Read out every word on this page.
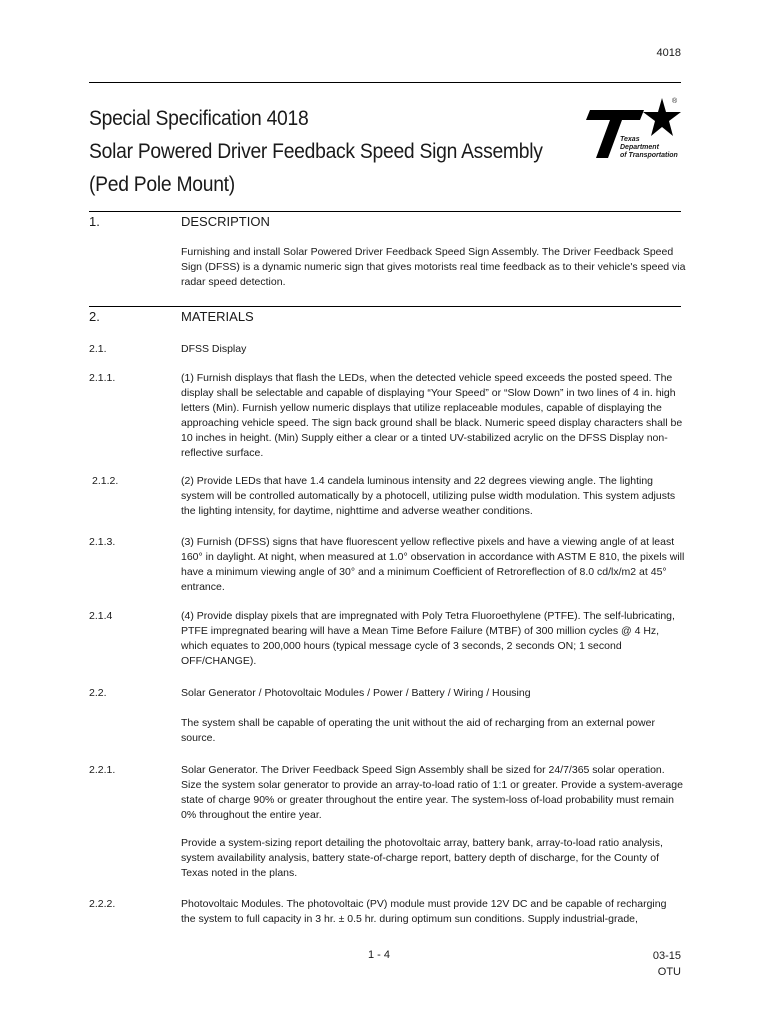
4018
Special Specification 4018
Solar Powered Driver Feedback Speed Sign Assembly
(Ped Pole Mount)
®
Texas
Department
of Transportation
1.	DESCRIPTION
Furnishing and install Solar Powered Driver Feedback Speed Sign Assembly. The Driver Feedback Speed
Sign (DFSS) is a dynamic numeric sign that gives motorists real time feedback as to their vehicle's speed via
radar speed detection.
2.	MATERIALS
2.1.	DFSS Display
2.1.1.	(1) Furnish displays that flash the LEDs, when the detected vehicle speed exceeds the posted speed. The
display shall be selectable and capable of displaying “Your Speed” or “Slow Down” in two lines of 4 in. high
letters (Min). Furnish yellow numeric displays that utilize replaceable modules, capable of displaying the
approaching vehicle speed. The sign back ground shall be black. Numeric speed display characters shall be
10 inches in height. (Min) Supply either a clear or a tinted UV-stabilized acrylic on the DFSS Display non-
reflective surface.
2.1.2.	(2) Provide LEDs that have 1.4 candela luminous intensity and 22 degrees viewing angle. The lighting
system will be controlled automatically by a photocell, utilizing pulse width modulation. This system adjusts
the lighting intensity, for daytime, nighttime and adverse weather conditions.
2.1.3.	(3) Furnish (DFSS) signs that have fluorescent yellow reflective pixels and have a viewing angle of at least
160° in daylight. At night, when measured at 1.0° observation in accordance with ASTM E 810, the pixels will
have a minimum viewing angle of 30° and a minimum Coefficient of Retroreflection of 8.0 cd/lx/m2 at 45°
entrance.
2.1.4	(4) Provide display pixels that are impregnated with Poly Tetra Fluoroethylene (PTFE). The self-lubricating,
PTFE impregnated bearing will have a Mean Time Before Failure (MTBF) of 300 million cycles @ 4 Hz,
which equates to 200,000 hours (typical message cycle of 3 seconds, 2 seconds ON; 1 second
OFF/CHANGE).
2.2.	Solar Generator / Photovoltaic Modules / Power / Battery / Wiring / Housing
The system shall be capable of operating the unit without the aid of recharging from an external power
source.
2.2.1.	Solar Generator. The Driver Feedback Speed Sign Assembly shall be sized for 24/7/365 solar operation.
Size the system solar generator to provide an array-to-load ratio of 1:1 or greater. Provide a system-average
state of charge 90% or greater throughout the entire year. The system-loss of-load probability must remain
0% throughout the entire year.
Provide a system-sizing report detailing the photovoltaic array, battery bank, array-to-load ratio analysis,
system availability analysis, battery state-of-charge report, battery depth of discharge, for the County of
Texas noted in the plans.
2.2.2.	Photovoltaic Modules. The photovoltaic (PV) module must provide 12V DC and be capable of recharging
the system to full capacity in 3 hr. ± 0.5 hr. during optimum sun conditions. Supply industrial-grade,
1 - 4	03-15
OTU
